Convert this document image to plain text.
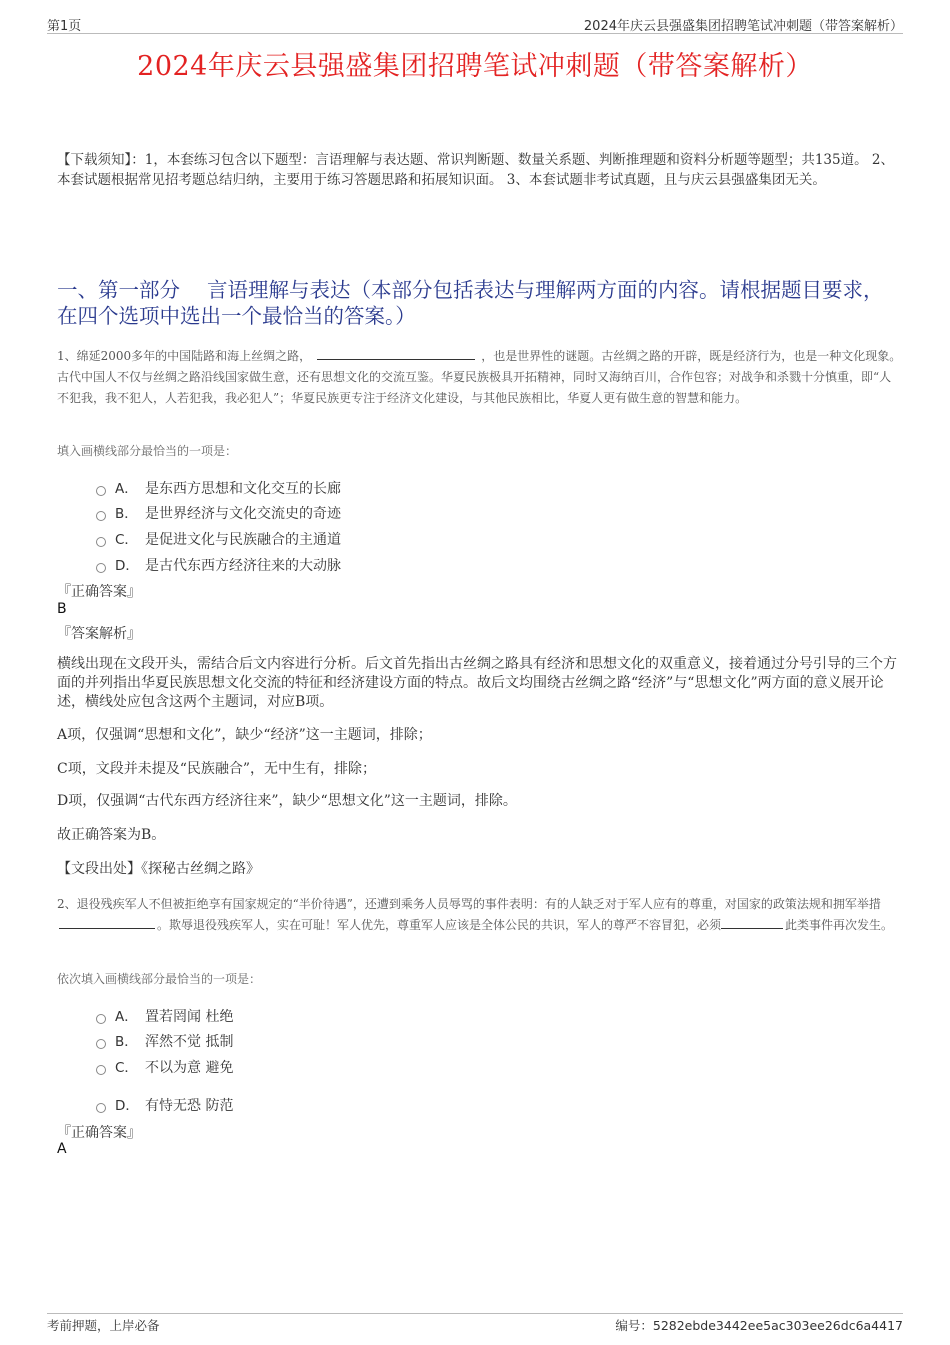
第1页	2024年庆云县强盛集团招聘笔试冲刺题（带答案解析）
2024年庆云县强盛集团招聘笔试冲刺题（带答案解析）
【下载须知】：1，本套练习包含以下题型：言语理解与表达题、常识判断题、数量关系题、判断推理题和资料分析题等题型；共135道。 2、本套试题根据常见招考题总结归纳，主要用于练习答题思路和拓展知识面。 3、本套试题非考试真题，且与庆云县强盛集团无关。
一、第一部分　 言语理解与表达（本部分包括表达与理解两方面的内容。请根据题目要求，在四个选项中选出一个最恰当的答案。）
1、绵延2000多年的中国陆路和海上丝绸之路，	，也是世界性的谜题。古丝绸之路的开辟，既是经济行为，也是一种文化现象。古代中国人不仅与丝绸之路沿线国家做生意，还有思想文化的交流互鉴。华夏民族极具开拓精神，同时又海纳百川，合作包容；对战争和杀戮十分慎重，即“人不犯我，我不犯人，人若犯我，我必犯人”；华夏民族更专注于经济文化建设，与其他民族相比，华夏人更有做生意的智慧和能力。
填入画横线部分最恰当的一项是：
A． 是东西方思想和文化交互的长廊
B． 是世界经济与文化交流史的奇迹
C． 是促进文化与民族融合的主通道
D． 是古代东西方经济往来的大动脉
『正确答案』
B
『答案解析』
横线出现在文段开头，需结合后文内容进行分析。后文首先指出古丝绸之路具有经济和思想文化的双重意义，接着通过分号引导的三个方面的并列指出华夏民族思想文化交流的特征和经济建设方面的特点。故后文均围绕古丝绸之路“经济”与“思想文化”两方面的意义展开论述，横线处应包含这两个主题词，对应B项。
A项，仅强调“思想和文化”，缺少“经济”这一主题词，排除；
C项，文段并未提及“民族融合”，无中生有，排除；
D项，仅强调“古代东西方经济往来”，缺少“思想文化”这一主题词，排除。
故正确答案为B。
【文段出处】《探秘古丝绸之路》
2、退役残疾军人不但被拒绝享有国家规定的“半价待遇”，还遭到乘务人员辱骂的事件表明：有的人缺乏对于军人应有的尊重，对国家的政策法规和拥军举措。欺辱退役残疾军人，实在可耻！军人优先，尊重军人应该是全体公民的共识，军人的尊严不容冒犯，必须	此类事件再次发生。
依次填入画横线部分最恰当的一项是：
A． 置若罔闻 杜绝
B． 浑然不觉 抵制
C． 不以为意 避免
D． 有恃无恐 防范
『正确答案』
A
考前押题，上岸必备	编号：5282ebde3442ee5ac303ee26dc6a4417
